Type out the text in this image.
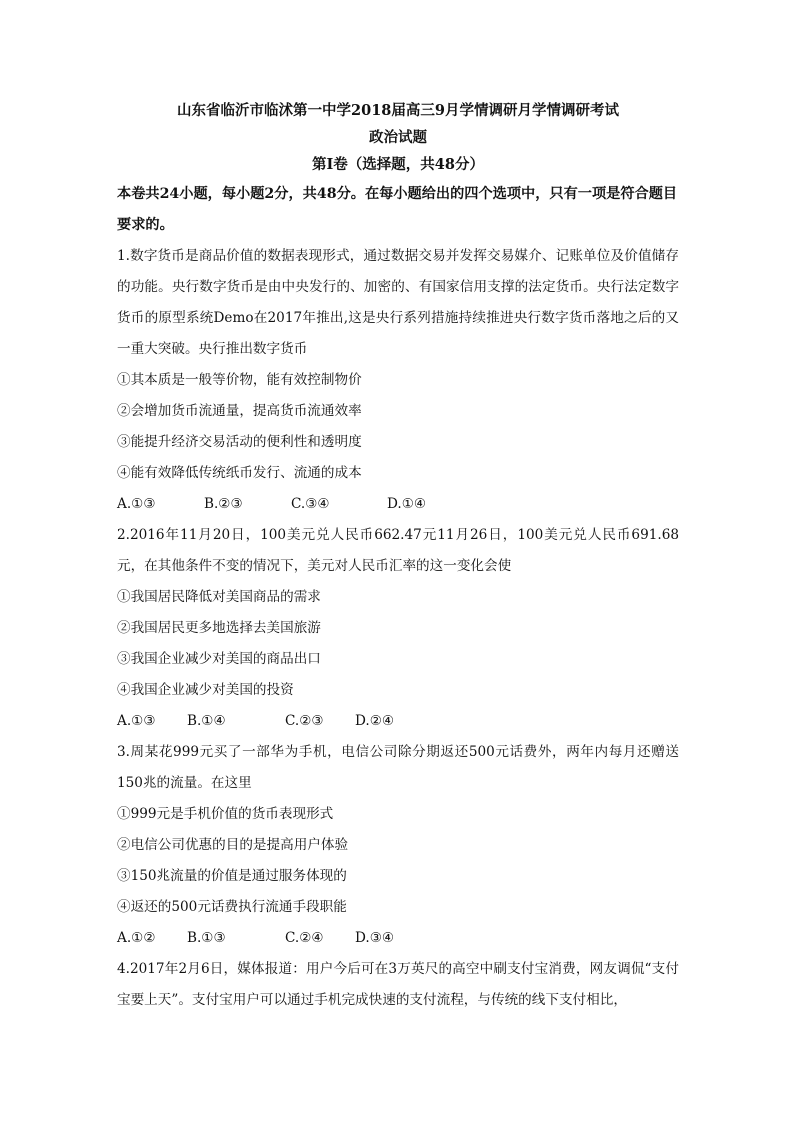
山东省临沂市临沭第一中学2018届高三9月学情调研月学情调研考试
政治试题
第Ⅰ卷（选择题，共48分）
本卷共24小题，每小题2分，共48分。在每小题给出的四个选项中，只有一项是符合题目要求的。
1.数字货币是商品价值的数据表现形式，通过数据交易并发挥交易媒介、记账单位及价值储存的功能。央行数字货币是由中央发行的、加密的、有国家信用支撑的法定货币。央行法定数字货币的原型系统Demo在2017年推出,这是央行系列措施持续推进央行数字货币落地之后的又一重大突破。央行推出数字货币
①其本质是一般等价物，能有效控制物价
②会增加货币流通量，提高货币流通效率
③能提升经济交易活动的便利性和透明度
④能有效降低传统纸币发行、流通的成本
A.①③	B.②③	C.③④	D.①④
2.2016年11月20日，100美元兑人民币662.47元11月26日，100美元兑人民币691.68元，在其他条件不变的情况下，美元对人民币汇率的这一变化会使
①我国居民降低对美国商品的需求
②我国居民更多地选择去美国旅游
③我国企业减少对美国的商品出口
④我国企业减少对美国的投资
A.①③ B.①④	C.②③ D.②④
3.周某花999元买了一部华为手机，电信公司除分期返还500元话费外，两年内每月还赠送150兆的流量。在这里
①999元是手机价值的货币表现形式
②电信公司优惠的目的是提高用户体验
③150兆流量的价值是通过服务体现的
④返还的500元话费执行流通手段职能
A.①② B.①③	C.②④ D.③④
4.2017年2月6日，媒体报道：用户今后可在3万英尺的高空中刷支付宝消费，网友调侃“支付宝要上天”。支付宝用户可以通过手机完成快速的支付流程，与传统的线下支付相比，
